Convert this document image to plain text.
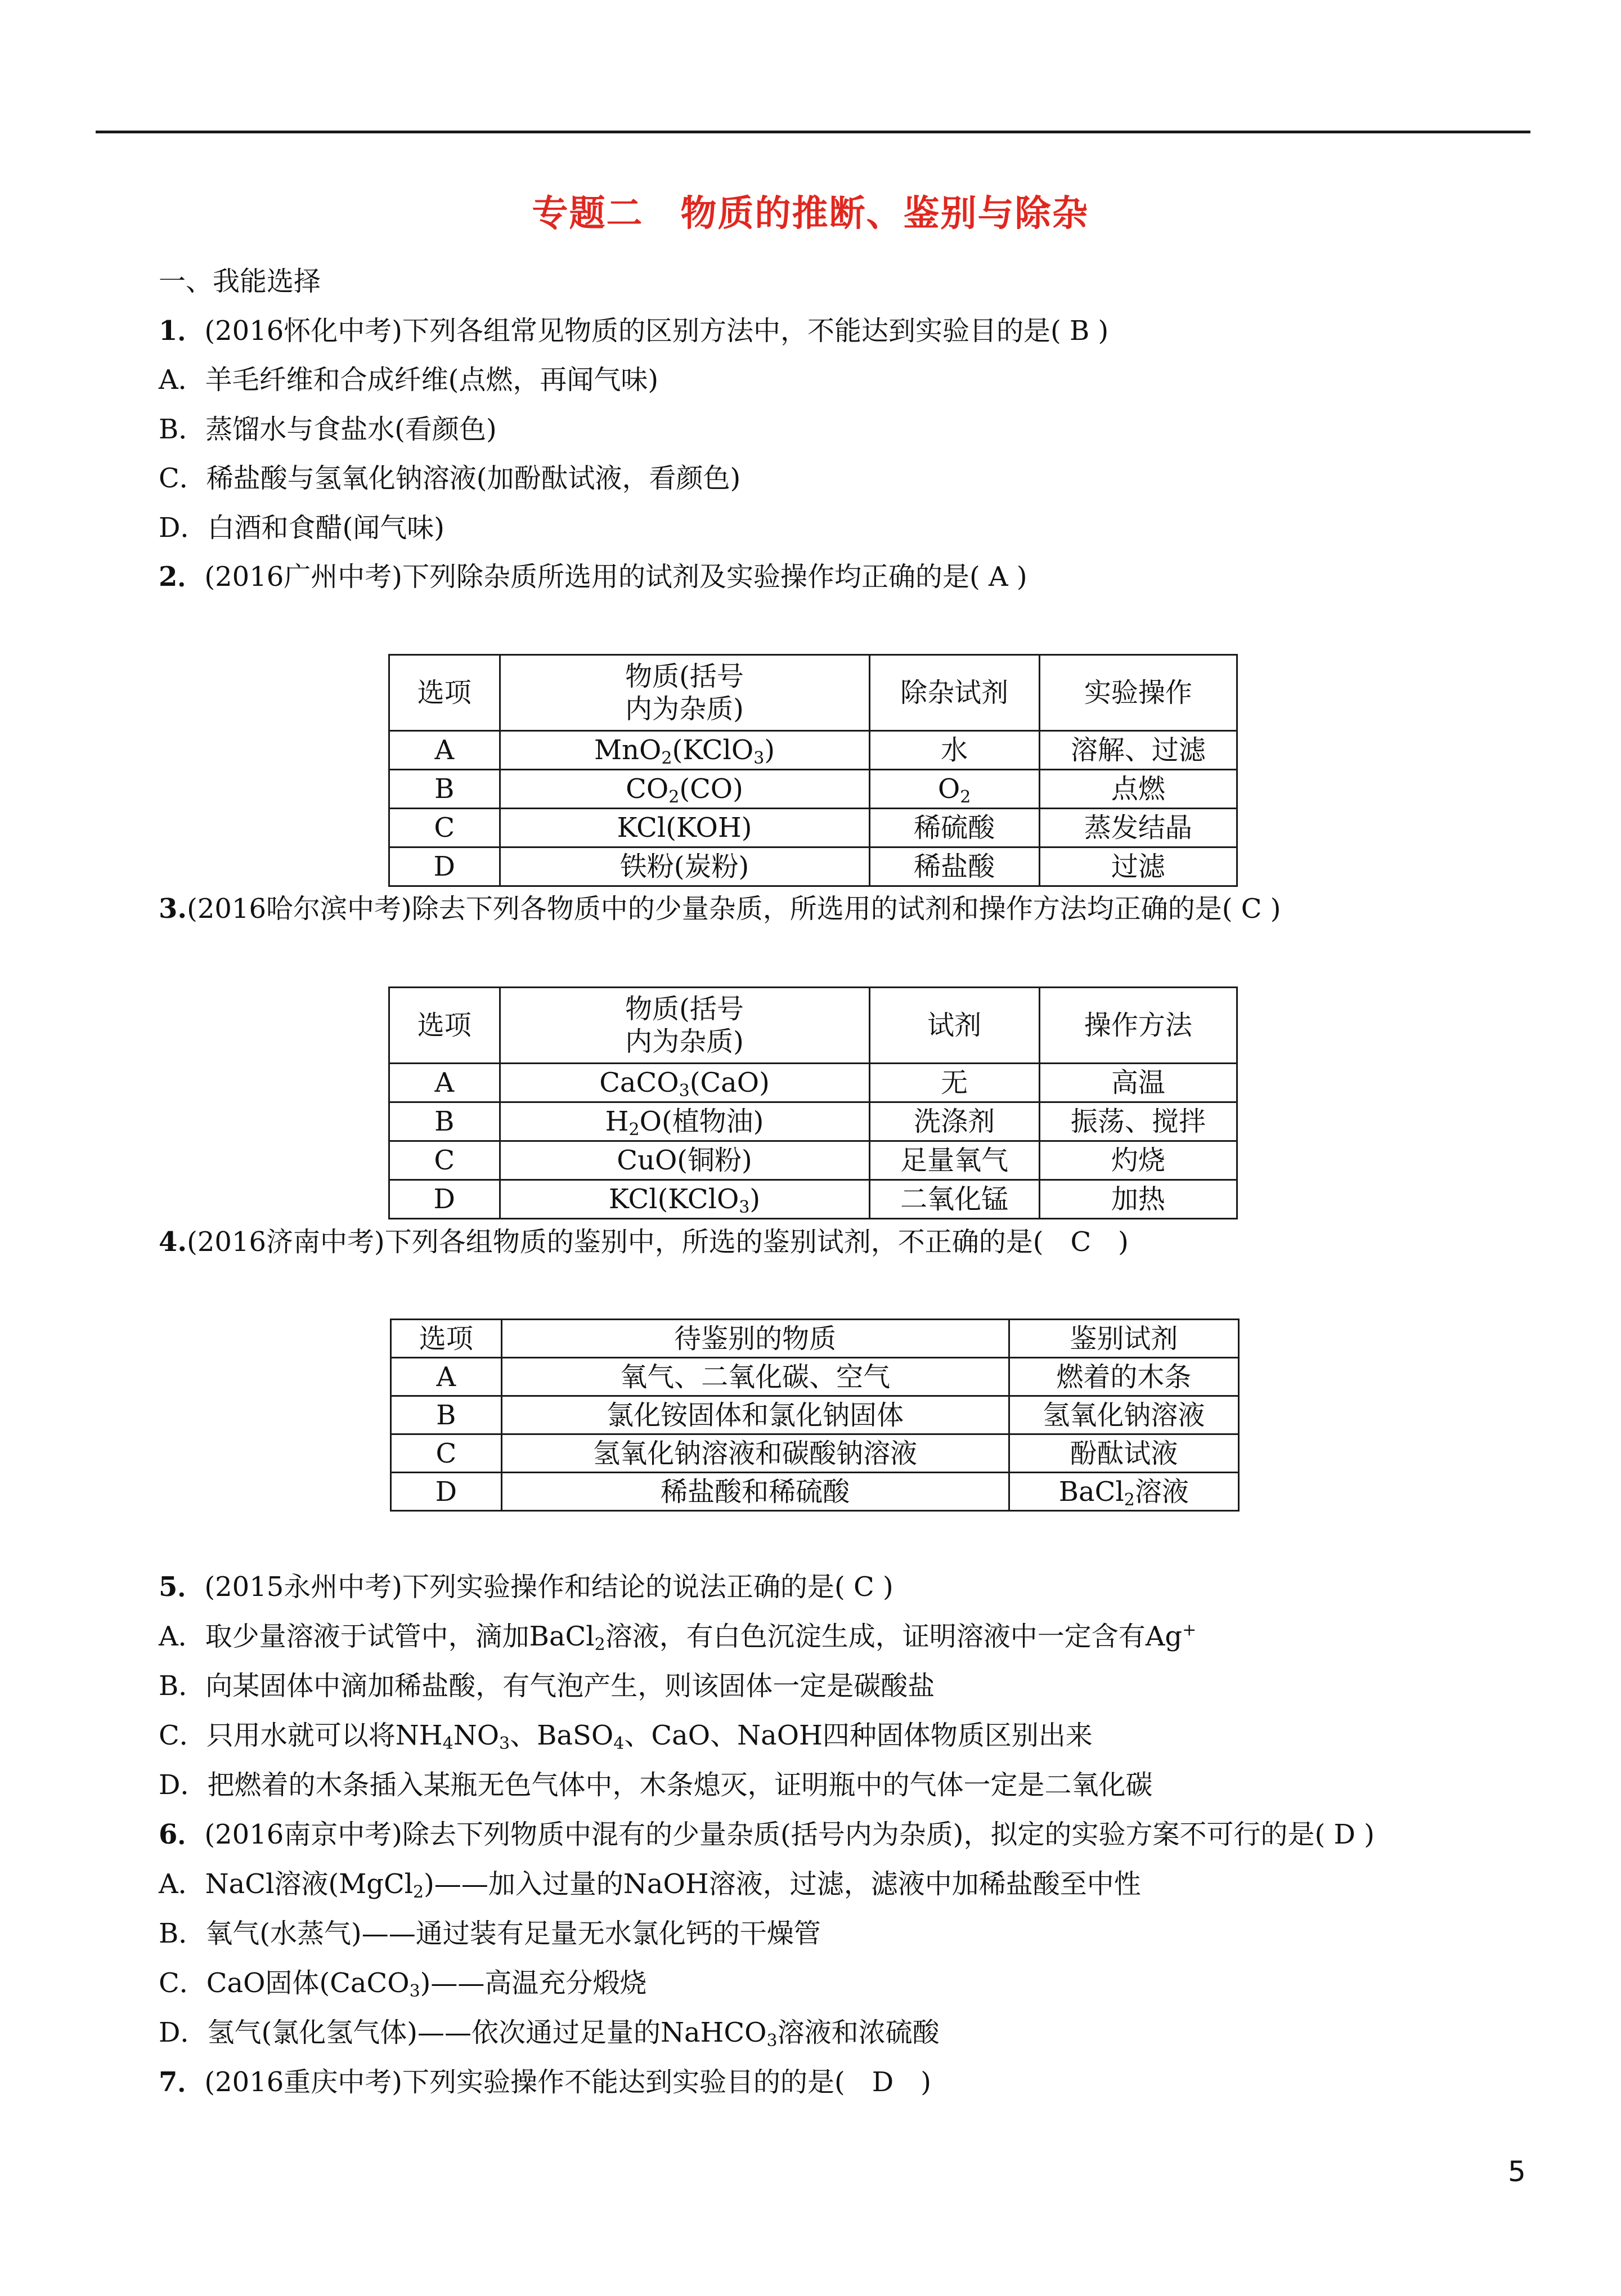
专题二　物质的推断、鉴别与除杂
一、我能选择
1．(2016怀化中考)下列各组常见物质的区别方法中，不能达到实验目的是( B )
A．羊毛纤维和合成纤维(点燃，再闻气味)
B．蒸馏水与食盐水(看颜色)
C．稀盐酸与氢氧化钠溶液(加酚酞试液，看颜色)
D．白酒和食醋(闻气味)
2．(2016广州中考)下列除杂质所选用的试剂及实验操作均正确的是( A )
选项	物质(括号
内为杂质)	除杂试剂	实验操作
A	MnO$_2$(KClO$_3$)	水	溶解、过滤
B	$CO_2(CO)$	$O_2$	点燃
C	KCl(KOH)	稀硫酸	蒸发结晶
D	铁粉(炭粉)	稀盐酸	过滤
3.(2016哈尔滨中考)除去下列各物质中的少量杂质，所选用的试剂和操作方法均正确的是( C )
选项	物质(括号
内为杂质)	试剂	操作方法
A	CaCO$_3$(CaO)	无	高温
B	$H_2O$(植物油)	洗涤剂	振荡、搅拌
C	CuO(铜粉)	足量氧气	灼烧
D	KCl(KClO$_3$)	二氧化锰	加热
4.(2016济南中考)下列各组物质的鉴别中，所选的鉴别试剂，不正确的是(　C　)
选项	待鉴别的物质	鉴别试剂
A	氧气、二氧化碳、空气	燃着的木条
B	氯化铵固体和氯化钠固体	氢氧化钠溶液
C	氢氧化钠溶液和碳酸钠溶液	酚酞试液
D	稀盐酸和稀硫酸	BaCl$_2$溶液
5．(2015永州中考)下列实验操作和结论的说法正确的是( C )
A．取少量溶液于试管中，滴加BaCl$_2$溶液，有白色沉淀生成，证明溶液中一定含有Ag+
B．向某固体中滴加稀盐酸，有气泡产生，则该固体一定是碳酸盐
C．只用水就可以将$NH_4NO_3$、BaSO$_4$、CaO、NaOH四种固体物质区别出来
D．把燃着的木条插入某瓶无色气体中，木条熄灭，证明瓶中的气体一定是二氧化碳
6．(2016南京中考)除去下列物质中混有的少量杂质(括号内为杂质)，拟定的实验方案不可行的是( D )
A．NaCl溶液(MgCl$_2$)——加入过量的NaOH溶液，过滤，滤液中加稀盐酸至中性
B．氧气(水蒸气)——通过装有足量无水氯化钙的干燥管
C．CaO固体(CaCO$_3$)——高温充分煅烧
D．氢气(氯化氢气体)——依次通过足量的NaHCO$_3$溶液和浓硫酸
7．(2016重庆中考)下列实验操作不能达到实验目的的是(　D　)
5
